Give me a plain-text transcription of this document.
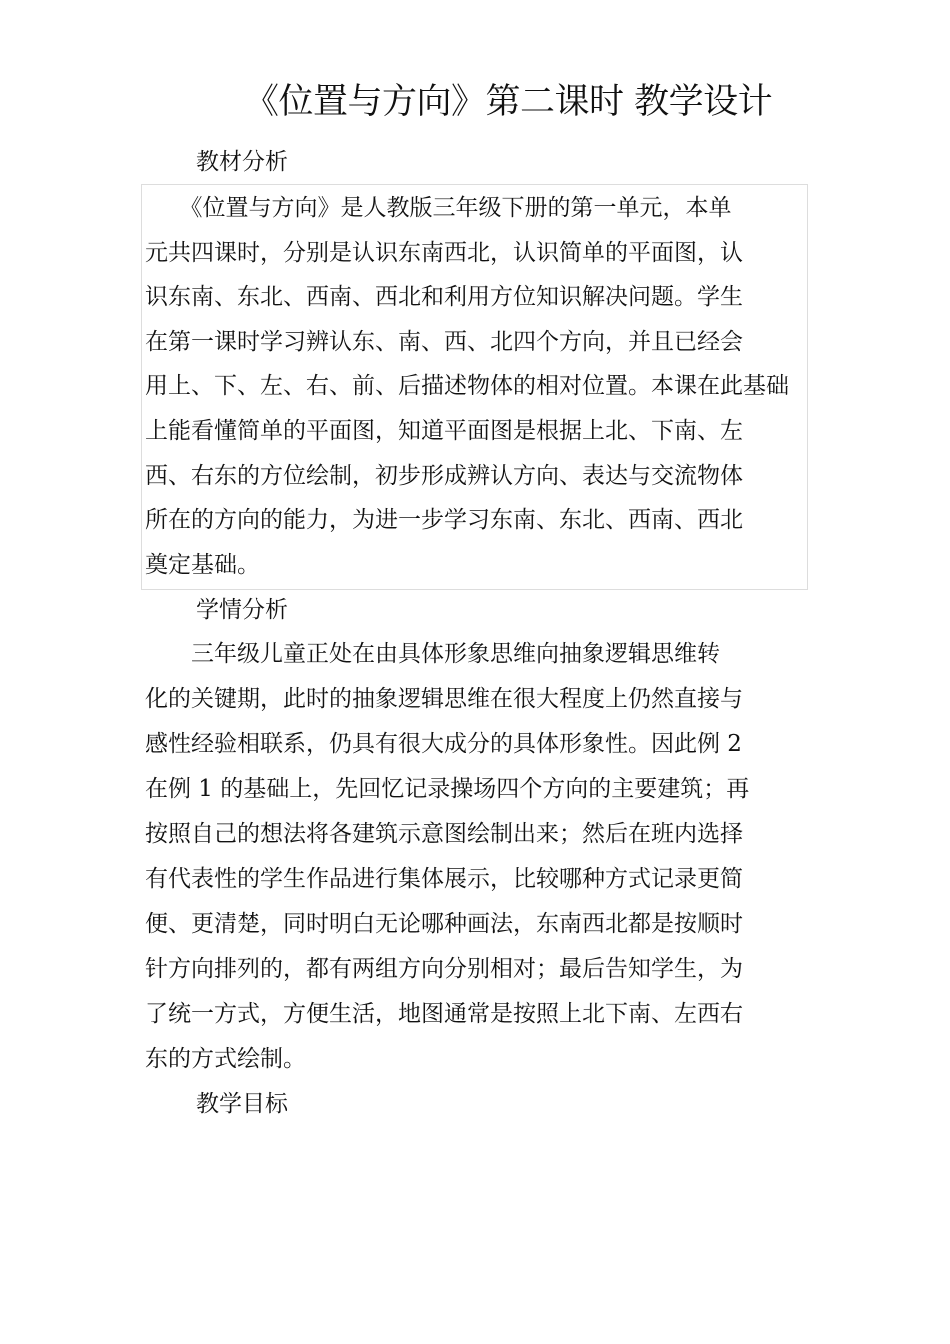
《位置与方向》第二课时 教学设计
教材分析
　　《位置与方向》是人教版三年级下册的第一单元，本单
元共四课时，分别是认识东南西北，认识简单的平面图，认
识东南、东北、西南、西北和利用方位知识解决问题。学生
在第一课时学习辨认东、南、西、北四个方向，并且已经会
用上、下、左、右、前、后描述物体的相对位置。本课在此基础
上能看懂简单的平面图，知道平面图是根据上北、下南、左
西、右东的方位绘制，初步形成辨认方向、表达与交流物体
所在的方向的能力，为进一步学习东南、东北、西南、西北
奠定基础。
学情分析
　　三年级儿童正处在由具体形象思维向抽象逻辑思维转
化的关键期，此时的抽象逻辑思维在很大程度上仍然直接与
感性经验相联系，仍具有很大成分的具体形象性。因此例 2
在例 1 的基础上，先回忆记录操场四个方向的主要建筑；再
按照自己的想法将各建筑示意图绘制出来；然后在班内选择
有代表性的学生作品进行集体展示，比较哪种方式记录更简
便、更清楚，同时明白无论哪种画法，东南西北都是按顺时
针方向排列的，都有两组方向分别相对；最后告知学生，为
了统一方式，方便生活，地图通常是按照上北下南、左西右
东的方式绘制。
教学目标
